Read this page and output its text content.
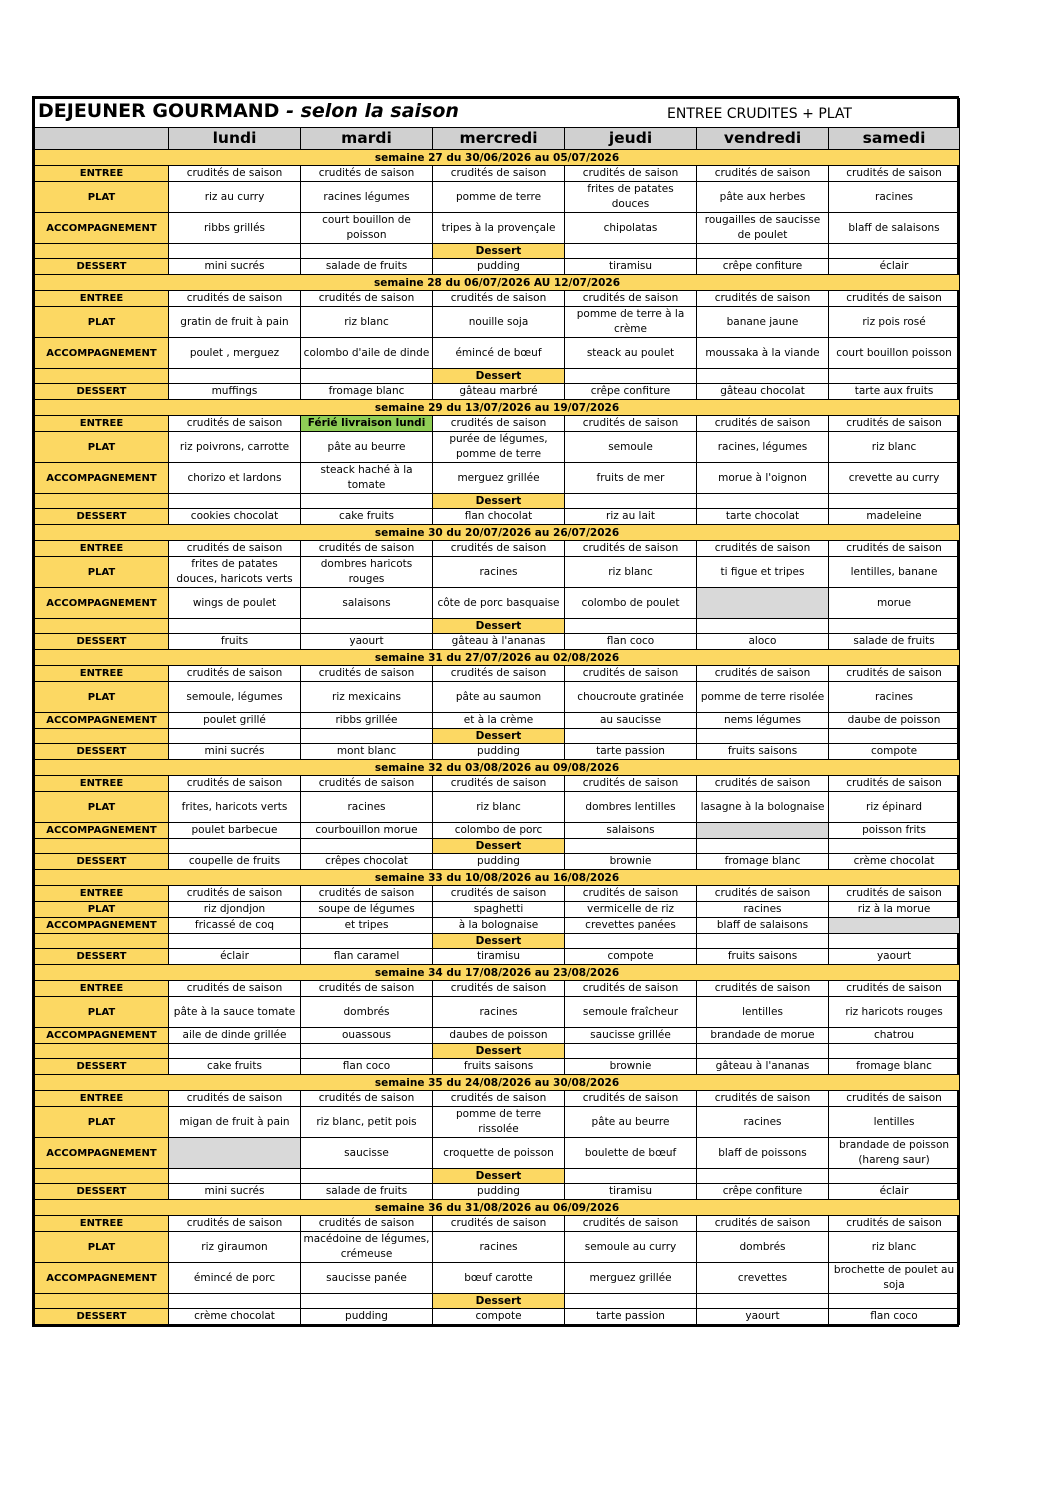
DEJEUNER GOURMAND - selon la saison ENTREE CRUDITES + PLAT						

	lundi	mardi	mercredi	jeudi	vendredi	samedi
semaine 27 du 30/06/2026 au 05/07/2026						
ENTREE	crudités de saison	crudités de saison	crudités de saison	crudités de saison	crudités de saison	crudités de saison
PLAT	riz au curry	racines légumes	pomme de terre	frites de patates douces	pâte aux herbes	racines
ACCOMPAGNEMENT	ribbs grillés	court bouillon de poisson	tripes à la provençale	chipolatas	rougailles de saucisse de poulet	blaff de salaisons
			Dessert			
DESSERT	mini sucrés	salade de fruits	pudding	tiramisu	crêpe confiture	éclair
semaine 28 du 06/07/2026 AU 12/07/2026						
ENTREE	crudités de saison	crudités de saison	crudités de saison	crudités de saison	crudités de saison	crudités de saison
PLAT	gratin de fruit à pain	riz blanc	nouille soja	pomme de terre à la crème	banane jaune	riz pois rosé
ACCOMPAGNEMENT	poulet , merguez	colombo d'aile de dinde	émincé de bœuf	steack au poulet	moussaka à la viande	court bouillon poisson
			Dessert			
DESSERT	muffings	fromage blanc	gâteau marbré	crêpe confiture	gâteau chocolat	tarte aux fruits
semaine 29 du 13/07/2026 au 19/07/2026						
ENTREE	crudités de saison	Férié livraison lundi	crudités de saison	crudités de saison	crudités de saison	crudités de saison
PLAT	riz poivrons, carrotte	pâte au beurre	purée de légumes, pomme de terre	semoule	racines, légumes	riz blanc
ACCOMPAGNEMENT	chorizo et lardons	steack haché à la tomate	merguez grillée	fruits de mer	morue à l'oignon	crevette au curry
			Dessert			
DESSERT	cookies chocolat	cake fruits	flan chocolat	riz au lait	tarte chocolat	madeleine
semaine 30 du 20/07/2026 au 26/07/2026						
ENTREE	crudités de saison	crudités de saison	crudités de saison	crudités de saison	crudités de saison	crudités de saison
PLAT	frites de patates douces, haricots verts	dombres haricots rouges	racines	riz blanc	ti figue et tripes	lentilles, banane
ACCOMPAGNEMENT	wings de poulet	salaisons	côte de porc basquaise	colombo de poulet		morue
			Dessert			
DESSERT	fruits	yaourt	gâteau à l'ananas	flan coco	aloco	salade de fruits
semaine 31 du 27/07/2026 au 02/08/2026						
ENTREE	crudités de saison	crudités de saison	crudités de saison	crudités de saison	crudités de saison	crudités de saison
PLAT	semoule, légumes	riz mexicains	pâte au saumon	choucroute gratinée	pomme de terre risolée	racines
ACCOMPAGNEMENT	poulet grillé	ribbs grillée	et à la crème	au saucisse	nems légumes	daube de poisson
			Dessert			
DESSERT	mini sucrés	mont blanc	pudding	tarte passion	fruits saisons	compote
semaine 32 du 03/08/2026 au 09/08/2026						
ENTREE	crudités de saison	crudités de saison	crudités de saison	crudités de saison	crudités de saison	crudités de saison
PLAT	frites, haricots verts	racines	riz blanc	dombres lentilles	lasagne à la bolognaise	riz épinard
ACCOMPAGNEMENT	poulet barbecue	courbouillon morue	colombo de porc	salaisons		poisson frits
			Dessert			
DESSERT	coupelle de fruits	crêpes chocolat	pudding	brownie	fromage blanc	crème chocolat
semaine 33 du 10/08/2026 au 16/08/2026						
ENTREE	crudités de saison	crudités de saison	crudités de saison	crudités de saison	crudités de saison	crudités de saison
PLAT	riz djondjon	soupe de légumes	spaghetti	vermicelle de riz	racines	riz à la morue
ACCOMPAGNEMENT	fricassé de coq	et tripes	à la bolognaise	crevettes panées	blaff de salaisons	
			Dessert			
DESSERT	éclair	flan caramel	tiramisu	compote	fruits saisons	yaourt
semaine 34 du 17/08/2026 au 23/08/2026						
ENTREE	crudités de saison	crudités de saison	crudités de saison	crudités de saison	crudités de saison	crudités de saison
PLAT	pâte à la sauce tomate	dombrés	racines	semoule fraîcheur	lentilles	riz haricots rouges
ACCOMPAGNEMENT	aile de dinde grillée	ouassous	daubes de poisson	saucisse grillée	brandade de morue	chatrou
			Dessert			
DESSERT	cake fruits	flan coco	fruits saisons	brownie	gâteau à l'ananas	fromage blanc
semaine 35 du 24/08/2026 au 30/08/2026						
ENTREE	crudités de saison	crudités de saison	crudités de saison	crudités de saison	crudités de saison	crudités de saison
PLAT	migan de fruit à pain	riz blanc, petit pois	pomme de terre rissolée	pâte au beurre	racines	lentilles
ACCOMPAGNEMENT		saucisse	croquette de poisson	boulette de bœuf	blaff de poissons	brandade de poisson (hareng saur)
			Dessert			
DESSERT	mini sucrés	salade de fruits	pudding	tiramisu	crêpe confiture	éclair
semaine 36 du 31/08/2026 au 06/09/2026						
ENTREE	crudités de saison	crudités de saison	crudités de saison	crudités de saison	crudités de saison	crudités de saison
PLAT	riz giraumon	macédoine de légumes, crémeuse	racines	semoule au curry	dombrés	riz blanc
ACCOMPAGNEMENT	émincé de porc	saucisse panée	bœuf carotte	merguez grillée	crevettes	brochette de poulet au soja
			Dessert			
DESSERT	crème chocolat	pudding	compote	tarte passion	yaourt	flan coco
